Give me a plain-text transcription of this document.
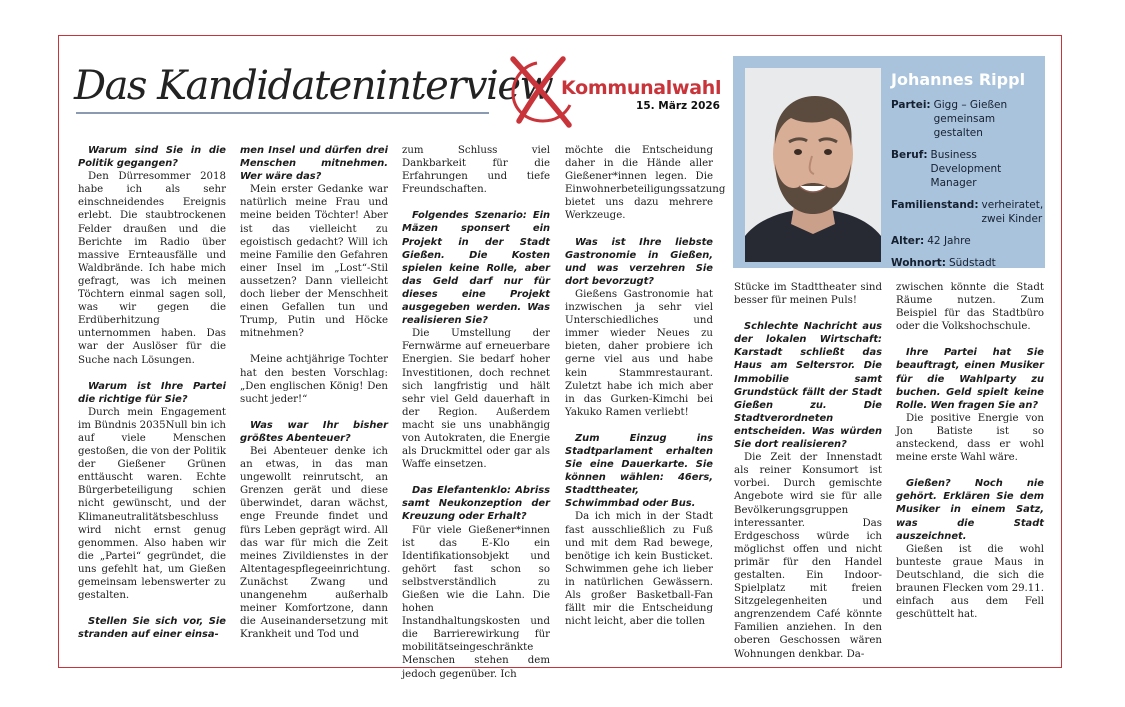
Das Kandidateninterview Kommunalwahl
15. März 2026
Johannes Rippl
Partei: Gigg – Gießen gemeinsam gestalten
Beruf: Business Development Manager
Familienstand: verheiratet, zwei Kinder
Alter: 42 Jahre
Wohnort: Südstadt

Warum sind Sie in die Politik gegangen?

Den Dürresommer 2018 habe ich als sehr einschneidendes Ereignis erlebt. Die staubtrockenen Felder draußen und die Berichte im Radio über massive Ernteausfälle und Waldbrände. Ich habe mich gefragt, was ich meinen Töchtern einmal sagen soll, was wir gegen die Erdüberhitzung unternommen haben. Das war der Auslöser für die Suche nach Lösungen.

Warum ist Ihre Partei die richtige für Sie?

Durch mein Engagement im Bündnis 2035Null bin ich auf viele Menschen gestoßen, die von der Politik der Gießener Grünen enttäuscht waren. Echte Bürgerbeteiligung schien nicht gewünscht, und der Klimaneutralitätsbeschluss wird nicht ernst genug genommen. Also haben wir die „Partei“ gegründet, die uns gefehlt hat, um Gießen gemeinsam lebenswerter zu gestalten.

Stellen Sie sich vor, Sie stranden auf einer einsa-

men Insel und dürfen drei Menschen mitnehmen. Wer wäre das?

Mein erster Gedanke war natürlich meine Frau und meine beiden Töchter! Aber ist das vielleicht zu egoistisch gedacht? Will ich meine Familie den Gefahren einer Insel im „Lost“-Stil aussetzen? Dann vielleicht doch lieber der Menschheit einen Gefallen tun und Trump, Putin und Höcke mitnehmen?

Meine achtjährige Tochter hat den besten Vorschlag: „Den englischen König! Den sucht jeder!“

Was war Ihr bisher größtes Abenteuer?

Bei Abenteuer denke ich an etwas, in das man ungewollt reinrutscht, an Grenzen gerät und diese überwindet, daran wächst, enge Freunde findet und fürs Leben geprägt wird. All das war für mich die Zeit meines Zivildienstes in der Altentagespflegeeinrichtung. Zunächst Zwang und unangenehm außerhalb meiner Komfortzone, dann die Auseinandersetzung mit Krankheit und Tod und

zum Schluss viel Dankbarkeit für die Erfahrungen und tiefe Freundschaften.

Folgendes Szenario: Ein Mäzen sponsert ein Projekt in der Stadt Gießen. Die Kosten spielen keine Rolle, aber das Geld darf nur für dieses eine Projekt ausgegeben werden. Was realisieren Sie?

Die Umstellung der Fernwärme auf erneuerbare Energien. Sie bedarf hoher Investitionen, doch rechnet sich langfristig und hält sehr viel Geld dauerhaft in der Region. Außerdem macht sie uns unabhängig von Autokraten, die Energie als Druckmittel oder gar als Waffe einsetzen.

Das Elefantenklo: Abriss samt Neukonzeption der Kreuzung oder Erhalt?

Für viele Gießener*innen ist das E-Klo ein Identifikationsobjekt und gehört fast schon so selbstverständlich zu Gießen wie die Lahn. Die hohen Instandhaltungskosten und die Barrierewirkung für mobilitätseingeschränkte Menschen stehen dem jedoch gegenüber. Ich

möchte die Entscheidung daher in die Hände aller Gießener*innen legen. Die Einwohnerbeteiligungssatzung bietet uns dazu mehrere Werkzeuge.

Was ist Ihre liebste Gastronomie in Gießen, und was verzehren Sie dort bevorzugt?

Gießens Gastronomie hat inzwischen ja sehr viel Unterschiedliches und immer wieder Neues zu bieten, daher probiere ich gerne viel aus und habe kein Stammrestaurant. Zuletzt habe ich mich aber in das Gurken-Kimchi bei Yakuko Ramen verliebt!

Zum Einzug ins Stadtparlament erhalten Sie eine Dauerkarte. Sie können wählen: 46ers, Stadttheater, Schwimmbad oder Bus.

Da ich mich in der Stadt fast ausschließlich zu Fuß und mit dem Rad bewege, benötige ich kein Busticket. Schwimmen gehe ich lieber in natürlichen Gewässern. Als großer Basketball-Fan fällt mir die Entscheidung nicht leicht, aber die tollen

Stücke im Stadttheater sind besser für meinen Puls!

Schlechte Nachricht aus der lokalen Wirtschaft: Karstadt schließt das Haus am Seltersтor. Die Immobilie samt Grundstück fällt der Stadt Gießen zu. Die Stadtverordneten entscheiden. Was würden Sie dort realisieren?

Die Zeit der Innenstadt als reiner Konsumort ist vorbei. Durch gemischte Angebote wird sie für alle Bevölkerungsgruppen interessanter. Das Erdgeschoss würde ich möglichst offen und nicht primär für den Handel gestalten. Ein Indoor-Spielplatz mit freien Sitzgelegenheiten und angrenzendem Café könnte Familien anziehen. In den oberen Geschossen wären Wohnungen denkbar. Da-

zwischen könnte die Stadt Räume nutzen. Zum Beispiel für das Stadtbüro oder die Volkshochschule.

Ihre Partei hat Sie beauftragt, einen Musiker für die Wahlparty zu buchen. Geld spielt keine Rolle. Wen fragen Sie an?

Die positive Energie von Jon Batiste ist so ansteckend, dass er wohl meine erste Wahl wäre.

Gießen? Noch nie gehört. Erklären Sie dem Musiker in einem Satz, was die Stadt auszeichnet.

Gießen ist die wohl bunteste graue Maus in Deutschland, die sich die braunen Flecken vom 29.11. einfach aus dem Fell geschüttelt hat.
